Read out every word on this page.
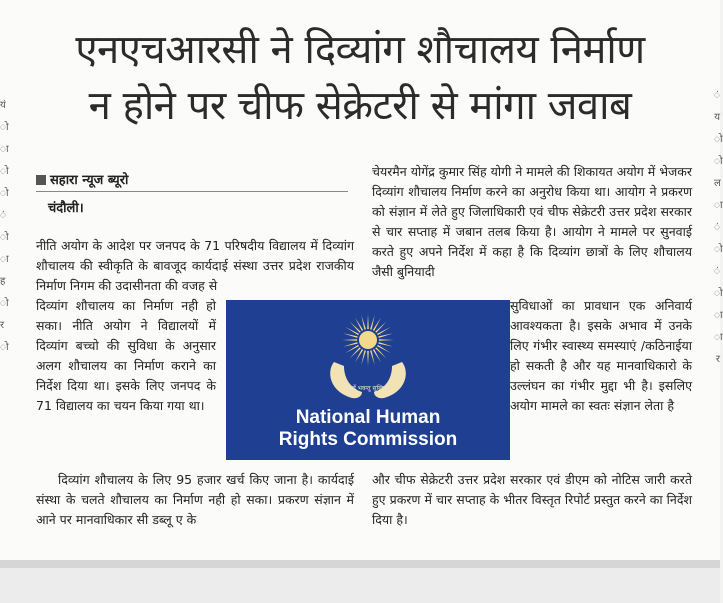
यं
ो
ा
ो
ो
ं
ो
ा
ह
ो
र
ो
ं
य
ो
ो
ल
ा
ं
ो
ं
ो
ा
ा
र
एनएचआरसी ने दिव्यांग शौचालय निर्माण
न होने पर चीफ सेक्रेटरी से मांगा जवाब
सहारा न्यूज ब्यूरो
चंदौली।

नीति अयोग के आदेश पर जनपद के 71 परिषदीय विद्यालय में दिव्यांग शौचालय की स्वीकृति के बावजूद कार्यदाई संस्था उत्तर प्रदेश राजकीय निर्माण निगम की उदासीनता की वजह से

दिव्यांग शौचालय का निर्माण नही हो सका। नीति अयोग ने विद्यालयों में दिव्यांग बच्चो की सुविधा के अनुसार अलग शौचालय का निर्माण कराने का निर्देश दिया था। इसके लिए जनपद के 71 विद्यालय का चयन किया गया था।

दिव्यांग शौचालय के लिए 95 हजार खर्च किए जाना है। कार्यदाई संस्था के चलते शौचालय का निर्माण नही हो सका। प्रकरण संज्ञान में आने पर मानवाधिकार सी डब्लू ए के

सर्वे भवन्तु सुखिनः
National Human
Rights Commission

चेयरमैन योगेंद्र कुमार सिंह योगी ने मामले की शिकायत अयोग में भेजकर दिव्यांग शौचालय निर्माण करने का अनुरोध किया था। आयोग ने प्रकरण को संज्ञान में लेते हुए जिलाधिकारी एवं चीफ सेक्रेटरी उत्तर प्रदेश सरकार से चार सप्ताह में जबान तलब किया है। आयोग ने मामले पर सुनवाई करते हुए अपने निर्देश में कहा है कि दिव्यांग छात्रों के लिए शौचालय जैसी बुनियादी

सुविधाओं का प्रावधान एक अनिवार्य आवश्यकता है। इसके अभाव में उनके लिए गंभीर स्वास्थ्य समस्याएं /कठिनाईया हो सकती है और यह मानवाधिकारो के उल्लंघन का गंभीर मुद्दा भी है। इसलिए अयोग मामले का स्वतः संज्ञान लेता है

और चीफ सेक्रेटरी उत्तर प्रदेश सरकार एवं डीएम को नोटिस जारी करते हुए प्रकरण में चार सप्ताह के भीतर विस्तृत रिपोर्ट प्रस्तुत करने का निर्देश दिया है।
